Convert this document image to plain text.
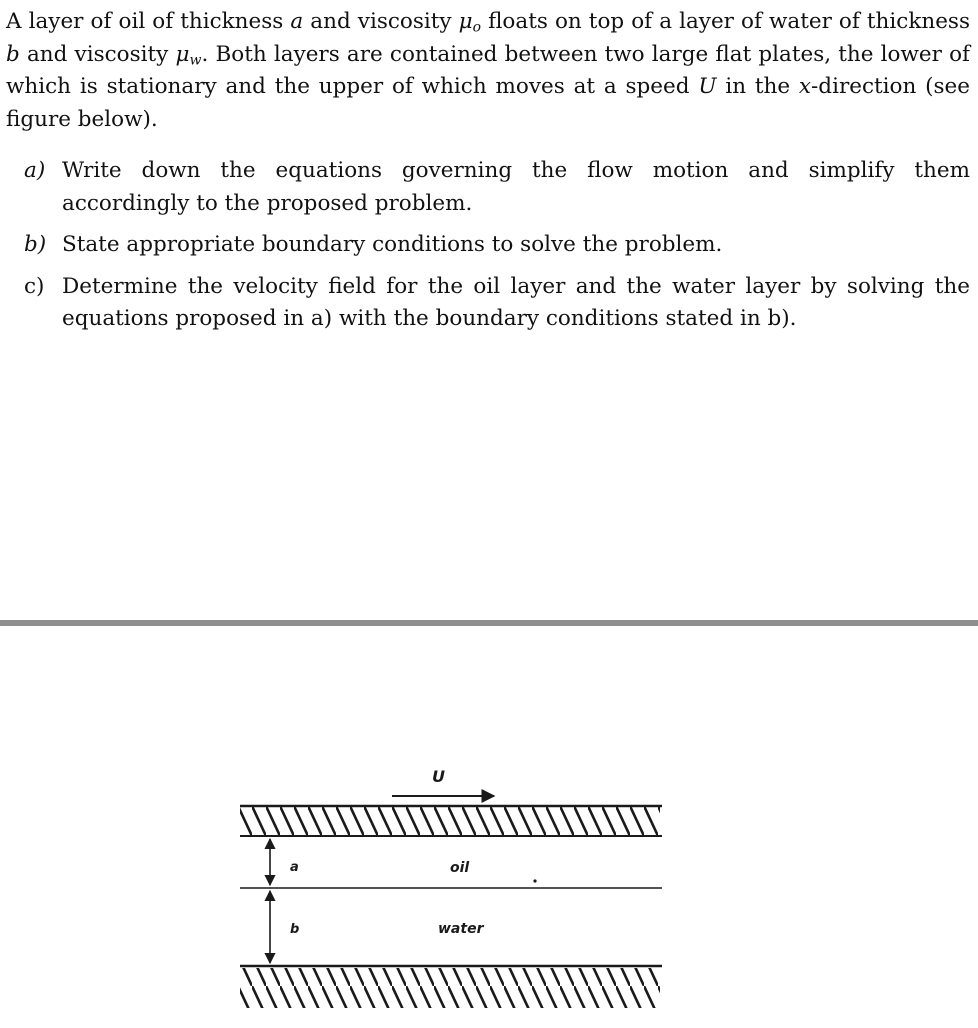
A layer of oil of thickness a and viscosity $\mu_o$ floats on top of a layer of water of thickness b and viscosity $\mu_w$. Both layers are contained between two large flat plates, the lower of which is stationary and the upper of which moves at a speed U in the x-direction (see figure below).

a) Write down the equations governing the flow motion and simplify them accordingly to the proposed problem.
b) State appropriate boundary conditions to solve the problem.
c) Determine the velocity field for the oil layer and the water layer by solving the equations proposed in a) with the boundary conditions stated in b).
U
a
b
oil
water
